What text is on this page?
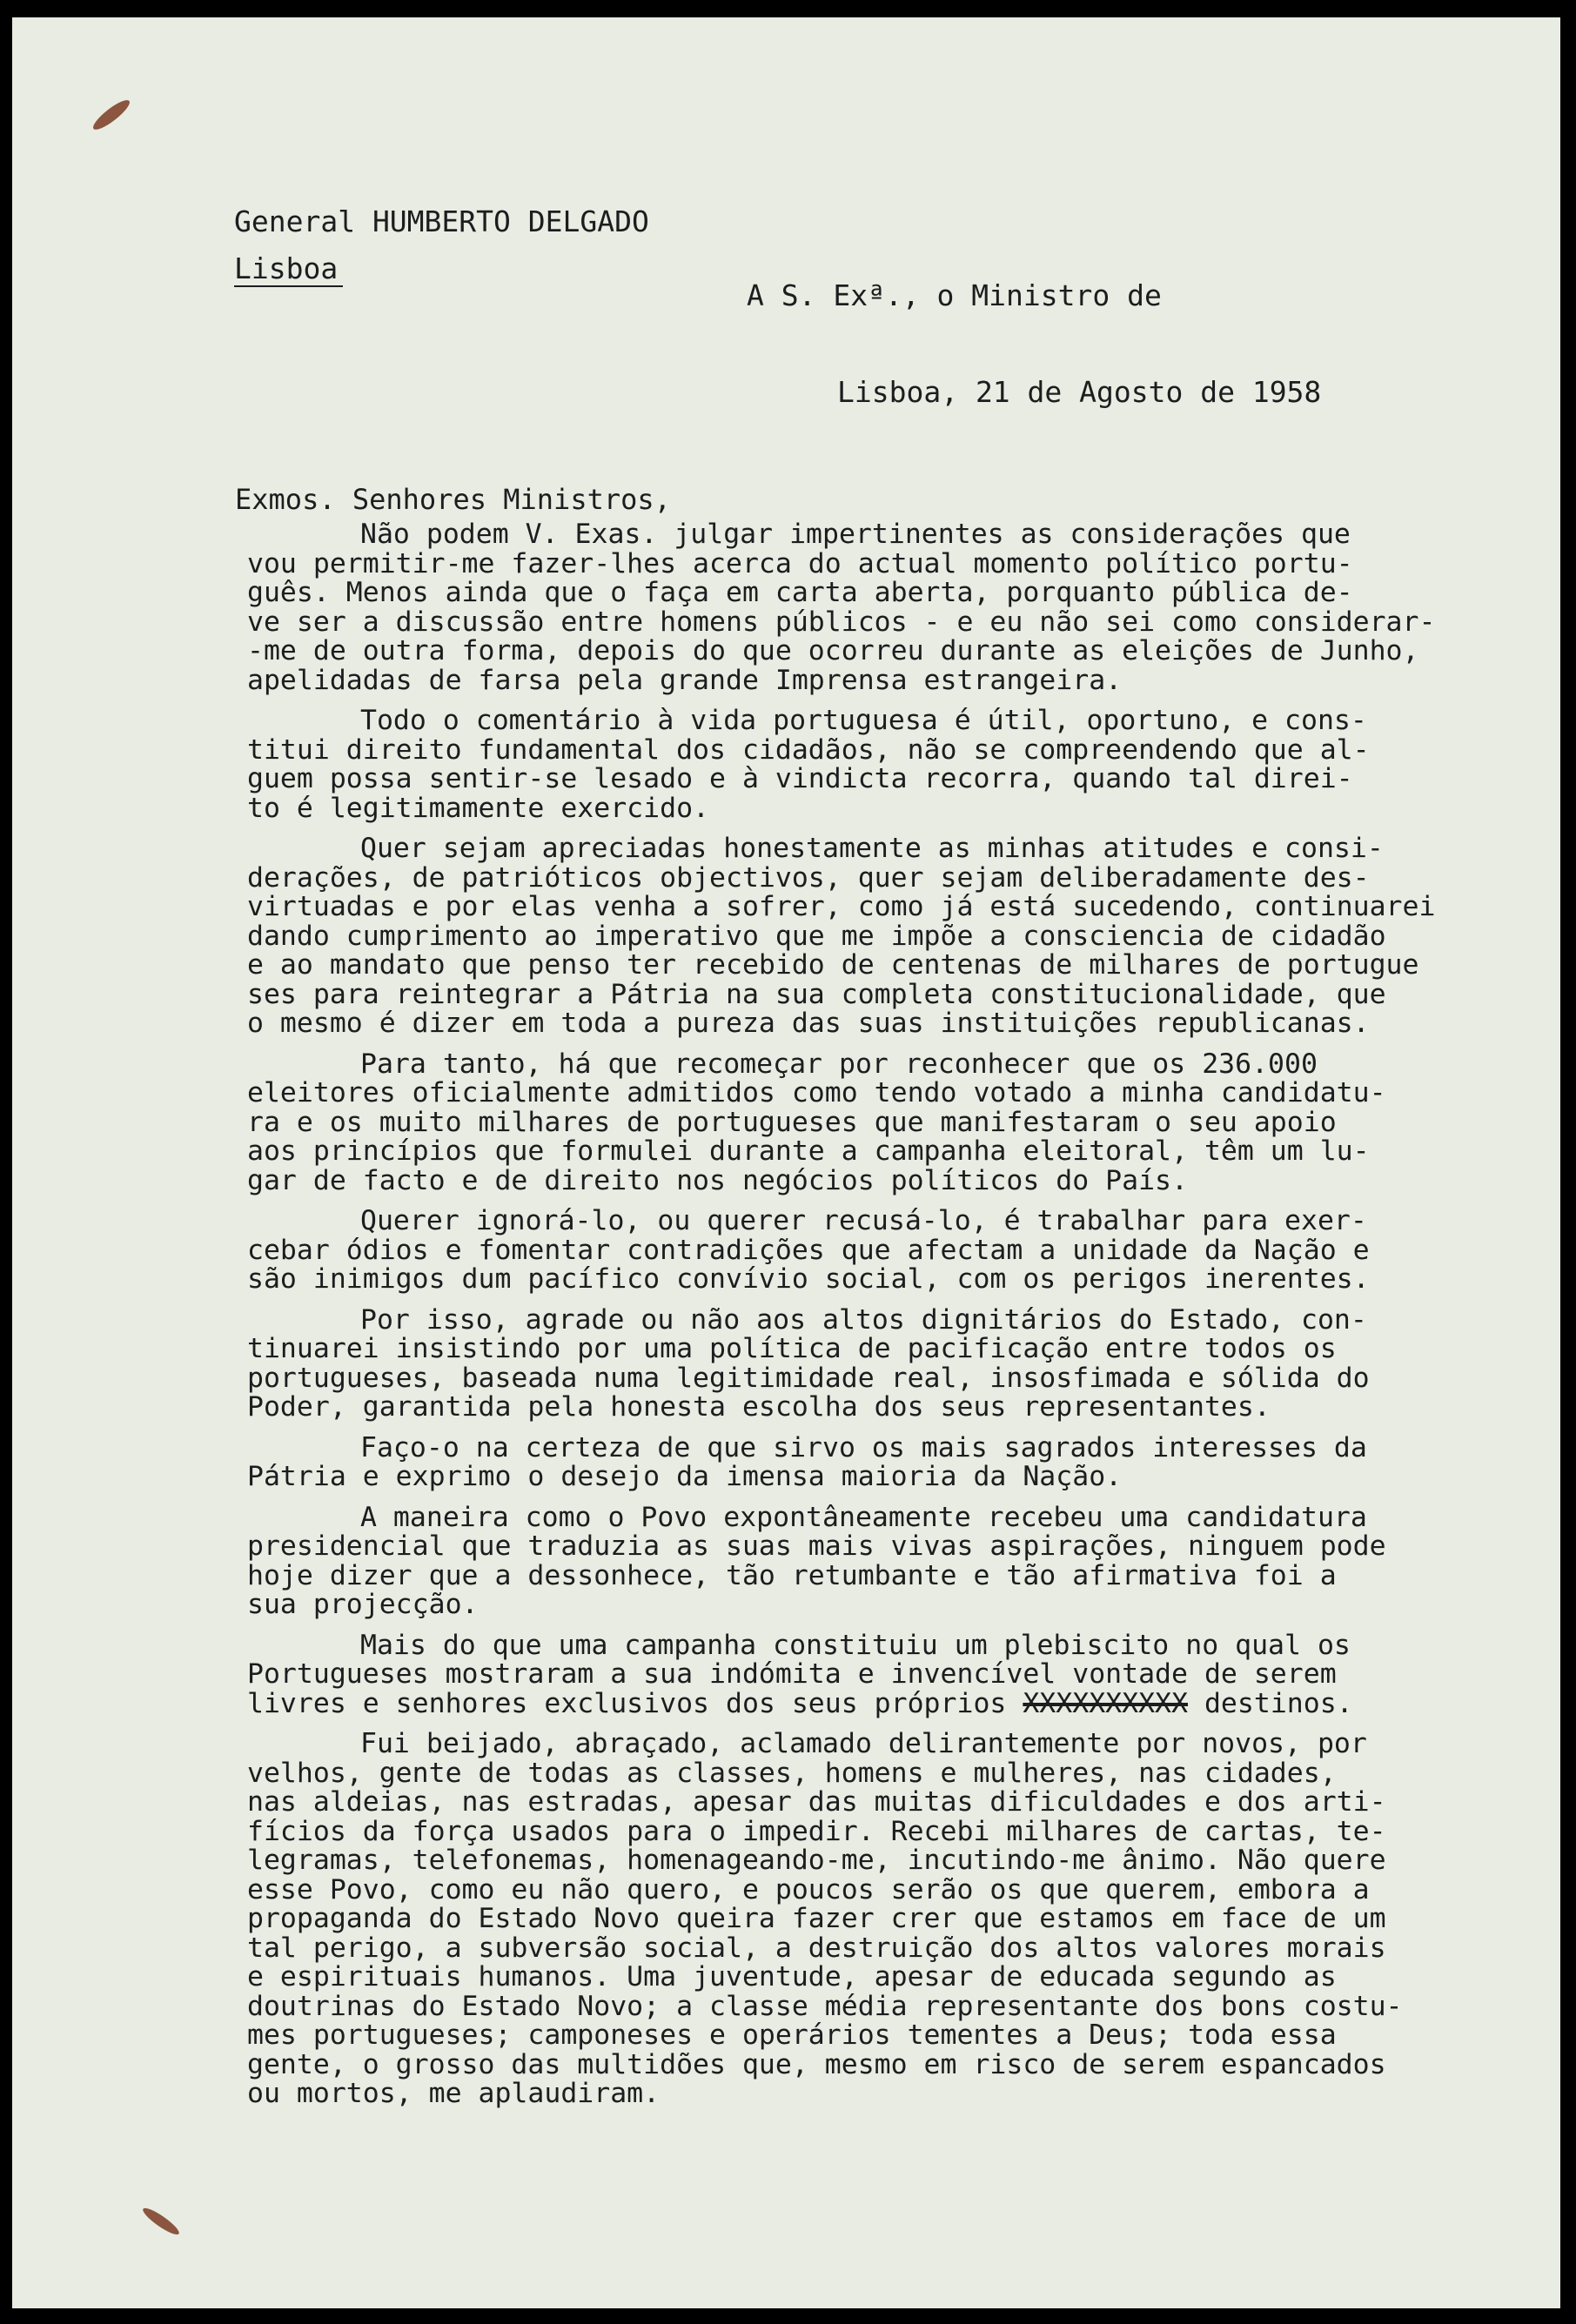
General HUMBERTO DELGADO
Lisboa
A S. Exª., o Ministro de
Lisboa, 21 de Agosto de 1958
Exmos. Senhores Ministros,
Não podem V. Exas. julgar impertinentes as considerações que
vou permitir-me fazer-lhes acerca do actual momento político portu-
guês. Menos ainda que o faça em carta aberta, porquanto pública de-
ve ser a discussão entre homens públicos - e eu não sei como considerar-
-me de outra forma, depois do que ocorreu durante as eleições de Junho,
apelidadas de farsa pela grande Imprensa estrangeira.
Todo o comentário à vida portuguesa é útil, oportuno, e cons-
titui direito fundamental dos cidadãos, não se compreendendo que al-
guem possa sentir-se lesado e à vindicta recorra, quando tal direi-
to é legitimamente exercido.
Quer sejam apreciadas honestamente as minhas atitudes e consi-
derações, de patrióticos objectivos, quer sejam deliberadamente des-
virtuadas e por elas venha a sofrer, como já está sucedendo, continuarei
dando cumprimento ao imperativo que me impõe a consciencia de cidadão
e ao mandato que penso ter recebido de centenas de milhares de portugue
ses para reintegrar a Pátria na sua completa constitucionalidade, que
o mesmo é dizer em toda a pureza das suas instituições republicanas.
Para tanto, há que recomeçar por reconhecer que os 236.000
eleitores oficialmente admitidos como tendo votado a minha candidatu-
ra e os muito milhares de portugueses que manifestaram o seu apoio
aos princípios que formulei durante a campanha eleitoral, têm um lu-
gar de facto e de direito nos negócios políticos do País.
Querer ignorá-lo, ou querer recusá-lo, é trabalhar para exer-
cebar ódios e fomentar contradições que afectam a unidade da Nação e
são inimigos dum pacífico convívio social, com os perigos inerentes.
Por isso, agrade ou não aos altos dignitários do Estado, con-
tinuarei insistindo por uma política de pacificação entre todos os
portugueses, baseada numa legitimidade real, insosfimada e sólida do
Poder, garantida pela honesta escolha dos seus representantes.
Faço-o na certeza de que sirvo os mais sagrados interesses da
Pátria e exprimo o desejo da imensa maioria da Nação.
A maneira como o Povo expontâneamente recebeu uma candidatura
presidencial que traduzia as suas mais vivas aspirações, ninguem pode
hoje dizer que a dessonhece, tão retumbante e tão afirmativa foi a
sua projecção.
Mais do que uma campanha constituiu um plebiscito no qual os
Portugueses mostraram a sua indómita e invencível vontade de serem
livres e senhores exclusivos dos seus próprios XXXXXXXXXX destinos.
Fui beijado, abraçado, aclamado delirantemente por novos, por
velhos, gente de todas as classes, homens e mulheres, nas cidades,
nas aldeias, nas estradas, apesar das muitas dificuldades e dos arti-
fícios da força usados para o impedir. Recebi milhares de cartas, te-
legramas, telefonemas, homenageando-me, incutindo-me ânimo. Não quere
esse Povo, como eu não quero, e poucos serão os que querem, embora a
propaganda do Estado Novo queira fazer crer que estamos em face de um
tal perigo, a subversão social, a destruição dos altos valores morais
e espirituais humanos. Uma juventude, apesar de educada segundo as
doutrinas do Estado Novo; a classe média representante dos bons costu-
mes portugueses; camponeses e operários tementes a Deus; toda essa
gente, o grosso das multidões que, mesmo em risco de serem espancados
ou mortos, me aplaudiram.
